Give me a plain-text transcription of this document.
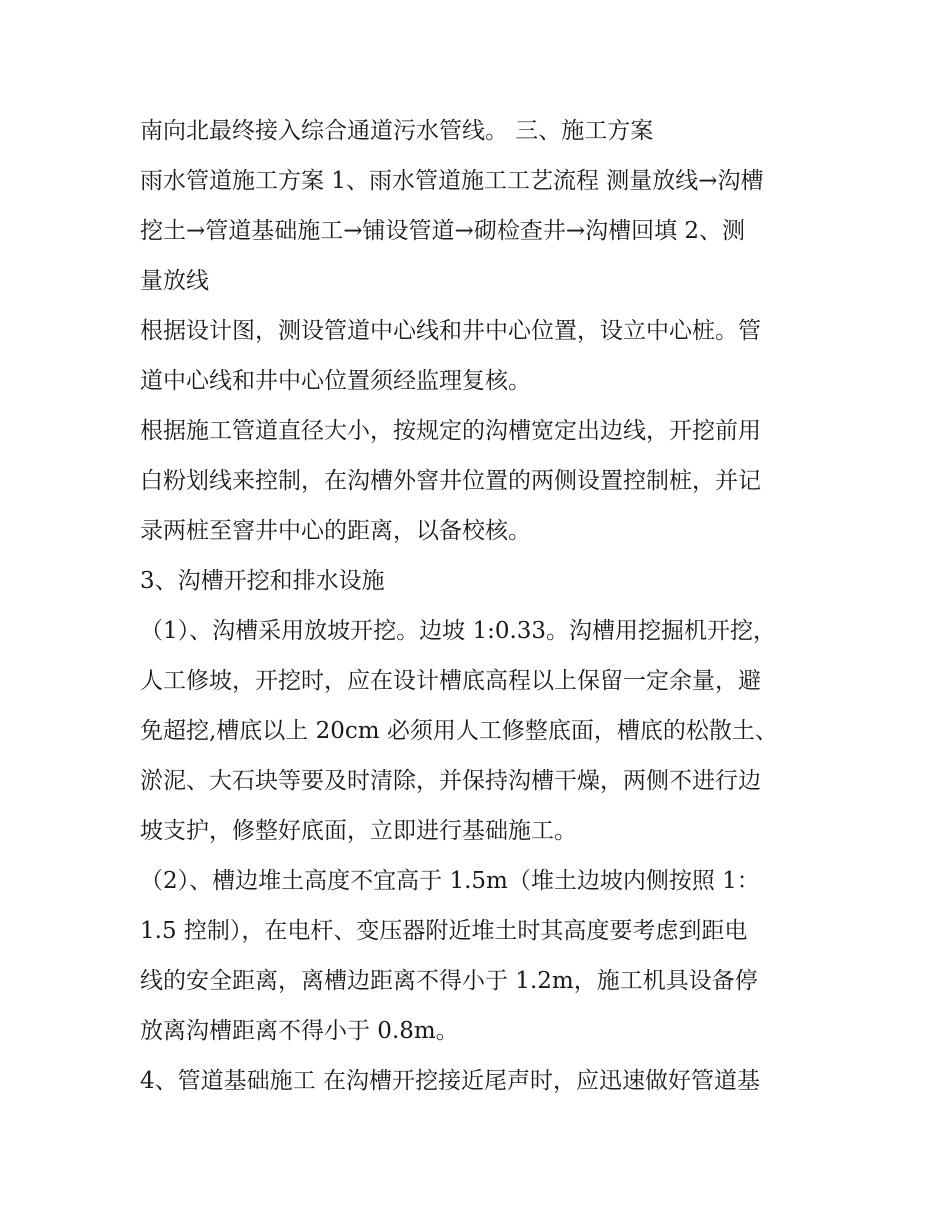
南向北最终接入综合通道污水管线。 三、施工方案
雨水管道施工方案 1、雨水管道施工工艺流程 测量放线→沟槽
挖土→管道基础施工→铺设管道→砌检查井→沟槽回填 2、测
量放线
根据设计图，测设管道中心线和井中心位置，设立中心桩。管
道中心线和井中心位置须经监理复核。
根据施工管道直径大小，按规定的沟槽宽定出边线，开挖前用
白粉划线来控制，在沟槽外窨井位置的两侧设置控制桩，并记
录两桩至窨井中心的距离，以备校核。
3、沟槽开挖和排水设施
（1）、沟槽采用放坡开挖。边坡 1:0.33。沟槽用挖掘机开挖，
人工修坡，开挖时，应在设计槽底高程以上保留一定余量，避
免超挖,槽底以上 20cm 必须用人工修整底面，槽底的松散土、
淤泥、大石块等要及时清除，并保持沟槽干燥，两侧不进行边
坡支护，修整好底面，立即进行基础施工。
（2）、槽边堆土高度不宜高于 1.5m（堆土边坡内侧按照 1：
1.5 控制），在电杆、变压器附近堆土时其高度要考虑到距电
线的安全距离，离槽边距离不得小于 1.2m，施工机具设备停
放离沟槽距离不得小于 0.8m。
4、管道基础施工 在沟槽开挖接近尾声时，应迅速做好管道基
